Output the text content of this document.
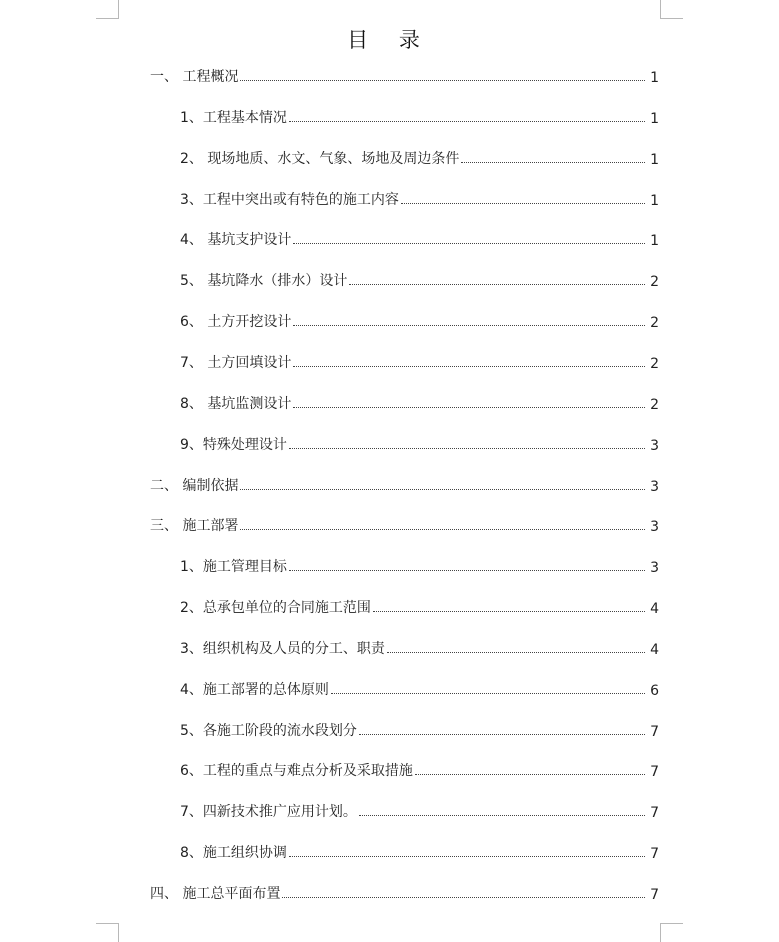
目 录
一、 工程概况	1
1、工程基本情况	1
2、 现场地质、水文、气象、场地及周边条件	1
3、工程中突出或有特色的施工内容	1
4、 基坑支护设计	1
5、 基坑降水（排水）设计	2
6、 土方开挖设计	2
7、 土方回填设计	2
8、 基坑监测设计	2
9、特殊处理设计	3
二、 编制依据	3
三、 施工部署	3
1、施工管理目标	3
2、总承包单位的合同施工范围	4
3、组织机构及人员的分工、职责	4
4、施工部署的总体原则	6
5、各施工阶段的流水段划分	7
6、工程的重点与难点分析及采取措施	7
7、四新技术推广应用计划。	7
8、施工组织协调	7
四、 施工总平面布置	7
